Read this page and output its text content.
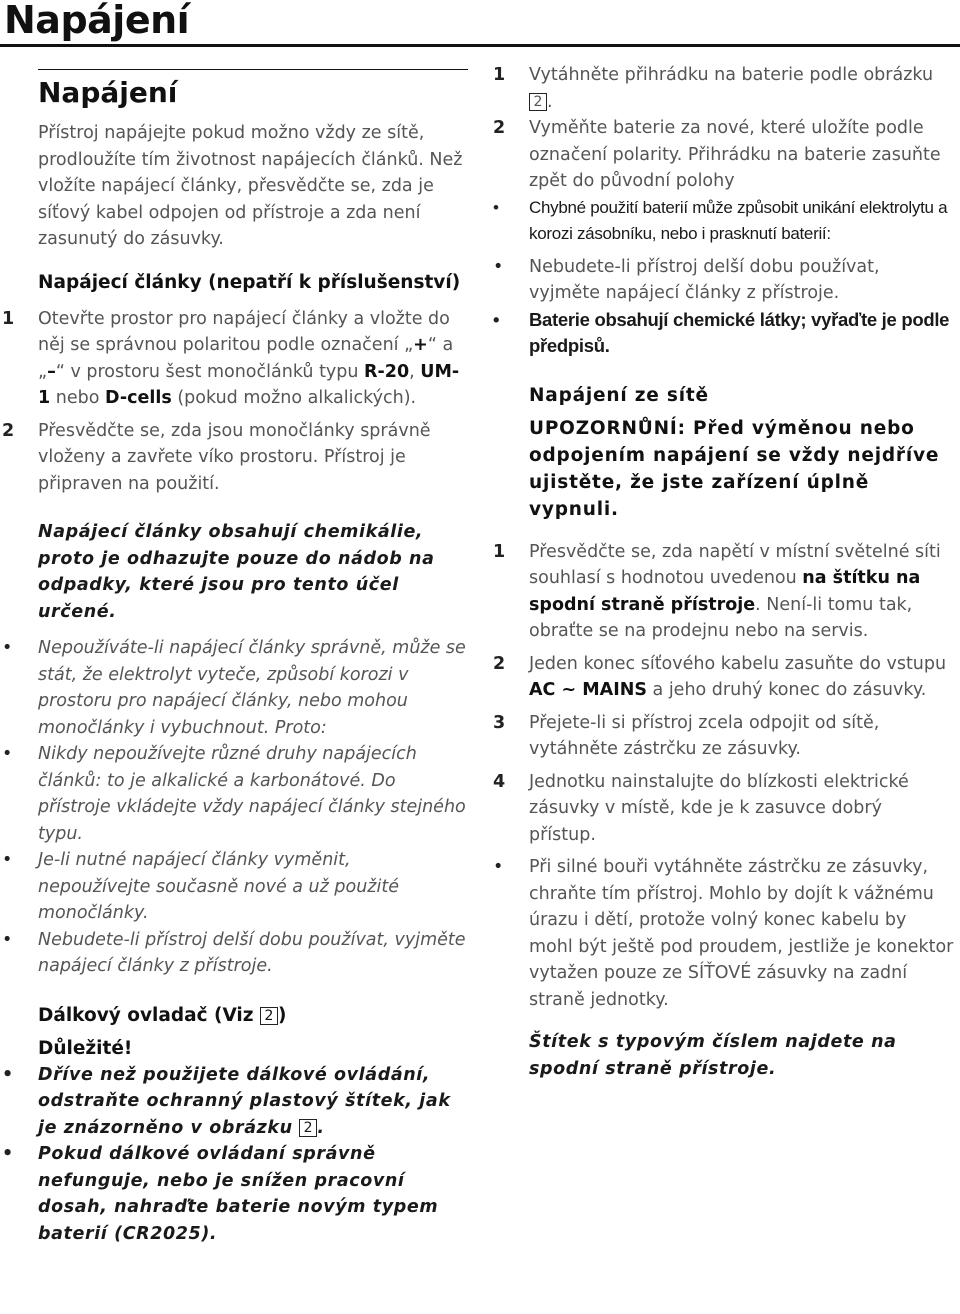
Napájení
Napájení

Přístroj napájejte pokud možno vždy ze sítě, prodloužíte tím životnost napájecích článků. Než vložíte napájecí články, přesvědčte se, zda je síťový kabel odpojen od přístroje a zda není zasunutý do zásuvky.

Napájecí články (nepatří k příslušenství)
1 Otevřte prostor pro napájecí články a vložte do něj se správnou polaritou podle označení „+“ a „–“ v prostoru šest monočlánků typu R-20, UM-1 nebo D-cells (pokud možno alkalických).
2 Přesvědčte se, zda jsou monočlánky správně vloženy a zavřete víko prostoru. Přístroj je připraven na použití.

Napájecí články obsahují chemikálie, proto je odhazujte pouze do nádob na odpadky, které jsou pro tento účel určené.

• Nepoužíváte-li napájecí články správně, může se stát, že elektrolyt vyteče, způsobí korozi v prostoru pro napájecí články, nebo mohou monočlánky i vybuchnout. Proto:
• Nikdy nepoužívejte různé druhy napájecích článků: to je alkalické a karbonátové. Do přístroje vkládejte vždy napájecí články stejného typu.
• Je-li nutné napájecí články vyměnit, nepoužívejte současně nové a už použité monočlánky.
• Nebudete-li přístroj delší dobu používat, vyjměte napájecí články z přístroje.
Dálkový ovladač (Viz 2 )
Důležité!
• Dříve než použijete dálkové ovládání, odstraňte ochranný plastový štítek, jak je znázorněno v obrázku 2 .
• Pokud dálkové ovládaní správně nefunguje, nebo je snížen pracovní dosah, nahraďte baterie novým typem baterií (CR2025).
1 Vytáhněte přihrádku na baterie podle obrázku 2 .
2 Vyměňte baterie za nové, které uložíte podle označení polarity. Přihrádku na baterie zasuňte zpět do původní polohy
• Chybné použití baterií může způsobit unikání elektrolytu a korozi zásobníku, nebo i prasknutí baterií:
• Nebudete-li přístroj delší dobu používat, vyjměte napájecí články z přístroje.
• Baterie obsahují chemické látky; vyřaďte je podle předpisů.
Napájení ze sítě
UPOZORNŮNÍ: Před výměnou nebo odpojením napájení se vždy nejdříve ujistěte, že jste zařízení úplně vypnuli.
1 Přesvědčte se, zda napětí v místní světelné síti souhlasí s hodnotou uvedenou na štítku na spodní straně přístroje. Není-li tomu tak, obraťte se na prodejnu nebo na servis.
2 Jeden konec síťového kabelu zasuňte do vstupu AC ~ MAINS a jeho druhý konec do zásuvky.
3 Přejete-li si přístroj zcela odpojit od sítě, vytáhněte zástrčku ze zásuvky.
4 Jednotku nainstalujte do blízkosti elektrické zásuvky v místě, kde je k zasuvce dobrý přístup.
• Při silné bouři vytáhněte zástrčku ze zásuvky, chraňte tím přístroj. Mohlo by dojít k vážnému úrazu i dětí, protože volný konec kabelu by mohl být ještě pod proudem, jestliže je konektor vytažen pouze ze SÍŤOVÉ zásuvky na zadní straně jednotky.

Štítek s typovým číslem najdete na spodní straně přístroje.
